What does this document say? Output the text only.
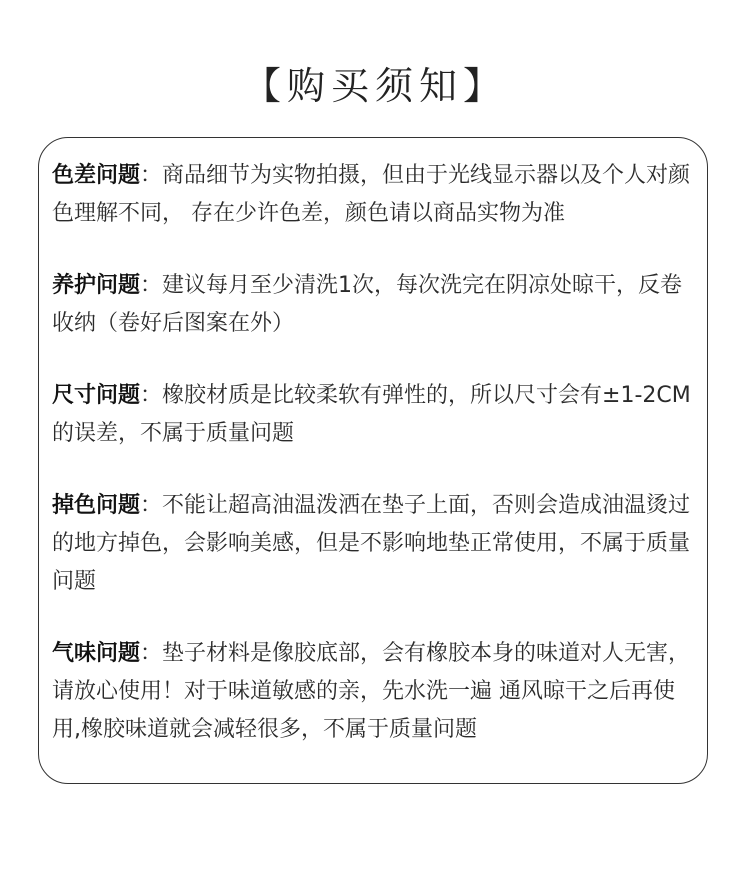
【购买须知】

色差问题：商品细节为实物拍摄，但由于光线显示器以及个人对颜色理解不同， 存在少许色差，颜色请以商品实物为准

养护问题：建议每月至少清洗1次，每次洗完在阴凉处晾干，反卷收纳（卷好后图案在外）

尺寸问题：橡胶材质是比较柔软有弹性的，所以尺寸会有±1-2CM的误差，不属于质量问题

掉色问题：不能让超高油温泼洒在垫子上面，否则会造成油温烫过的地方掉色，会影响美感，但是不影响地垫正常使用，不属于质量问题

气味问题：垫子材料是像胶底部，会有橡胶本身的味道对人无害，请放心使用！对于味道敏感的亲，先水洗一遍 通风晾干之后再使用,橡胶味道就会减轻很多，不属于质量问题
